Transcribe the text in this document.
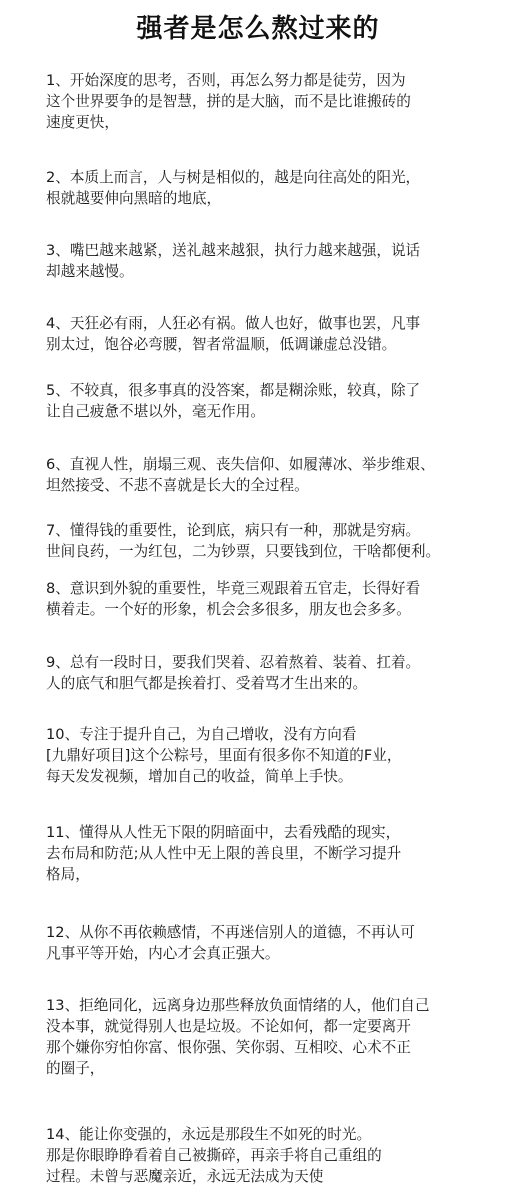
强者是怎么熬过来的
1、开始深度的思考，否则，再怎么努力都是徒劳，因为
这个世界要争的是智慧，拼的是大脑，而不是比谁搬砖的
速度更快，
2、本质上而言，人与树是相似的，越是向往高处的阳光，
根就越要伸向黑暗的地底，
3、嘴巴越来越紧，送礼越来越狠，执行力越来越强，说话
却越来越慢。
4、天狂必有雨，人狂必有祸。做人也好，做事也罢，凡事
别太过，饱谷必弯腰，智者常温顺，低调谦虚总没错。
5、不较真，很多事真的没答案，都是糊涂账，较真，除了
让自己疲惫不堪以外，毫无作用。
6、直视人性，崩塌三观、丧失信仰、如履薄冰、举步维艰、
坦然接受、不悲不喜就是长大的全过程。
7、懂得钱的重要性，论到底，病只有一种，那就是穷病。
世间良药，一为红包，二为钞票，只要钱到位，干啥都便利。
8、意识到外貌的重要性，毕竟三观跟着五官走，长得好看
横着走。一个好的形象，机会会多很多，朋友也会多多。
9、总有一段时日，要我们哭着、忍着熬着、装着、扛着。
人的底气和胆气都是挨着打、受着骂才生出来的。
10、专注于提升自己，为自己增收，没有方向看
[九鼎好项目]这个公粽号，里面有很多你不知道的F业，
每天发发视频，增加自己的收益，简单上手快。
11、懂得从人性无下限的阴暗面中，去看残酷的现实，
去布局和防范;从人性中无上限的善良里，不断学习提升
格局，
12、从你不再依赖感情，不再迷信别人的道德，不再认可
凡事平等开始，内心才会真正强大。
13、拒绝同化，远离身边那些释放负面情绪的人，他们自己
没本事，就觉得别人也是垃圾。不论如何，都一定要离开
那个嫌你穷怕你富、恨你强、笑你弱、互相咬、心术不正
的圈子，
14、能让你变强的，永远是那段生不如死的时光。
那是你眼睁睁看着自己被撕碎，再亲手将自己重组的
过程。未曾与恶魔亲近，永远无法成为天使
